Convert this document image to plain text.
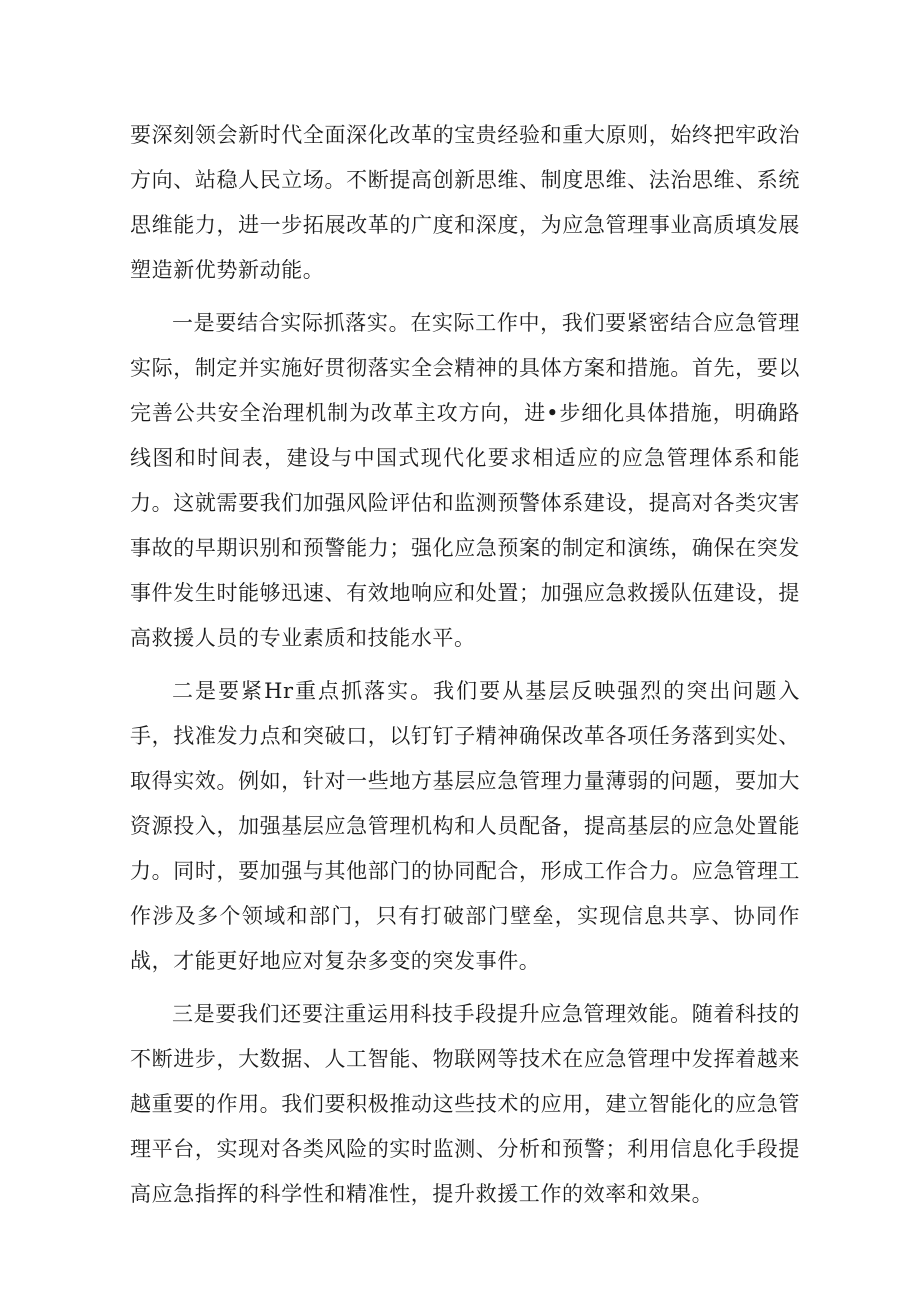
要深刻领会新时代全面深化改革的宝贵经验和重大原则，始终把牢政治方向、站稳人民立场。不断提高创新思维、制度思维、法治思维、系统思维能力，进一步拓展改革的广度和深度，为应急管理事业高质填发展塑造新优势新动能。

一是要结合实际抓落实。在实际工作中，我们要紧密结合应急管理实际，制定并实施好贯彻落实全会精神的具体方案和措施。首先，要以完善公共安全治理机制为改革主攻方向，进•步细化具体措施，明确路线图和时间表，建设与中国式现代化要求相适应的应急管理体系和能力。这就需要我们加强风险评估和监测预警体系建设，提高对各类灾害事故的早期识别和预警能力；强化应急预案的制定和演练，确保在突发事件发生时能够迅速、有效地响应和处置；加强应急救援队伍建设，提高救援人员的专业素质和技能水平。

二是要紧Hr重点抓落实。我们要从基层反映强烈的突出问题入手，找准发力点和突破口，以钉钉子精神确保改革各项任务落到实处、取得实效。例如，针对一些地方基层应急管理力量薄弱的问题，要加大资源投入，加强基层应急管理机构和人员配备，提高基层的应急处置能力。同时，要加强与其他部门的协同配合，形成工作合力。应急管理工作涉及多个领域和部门，只有打破部门壁垒，实现信息共享、协同作战，才能更好地应对复杂多变的突发事件。

三是要我们还要注重运用科技手段提升应急管理效能。随着科技的不断进步，大数据、人工智能、物联网等技术在应急管理中发挥着越来越重要的作用。我们要积极推动这些技术的应用，建立智能化的应急管理平台，实现对各类风险的实时监测、分析和预警；利用信息化手段提高应急指挥的科学性和精准性，提升救援工作的效率和效果。
